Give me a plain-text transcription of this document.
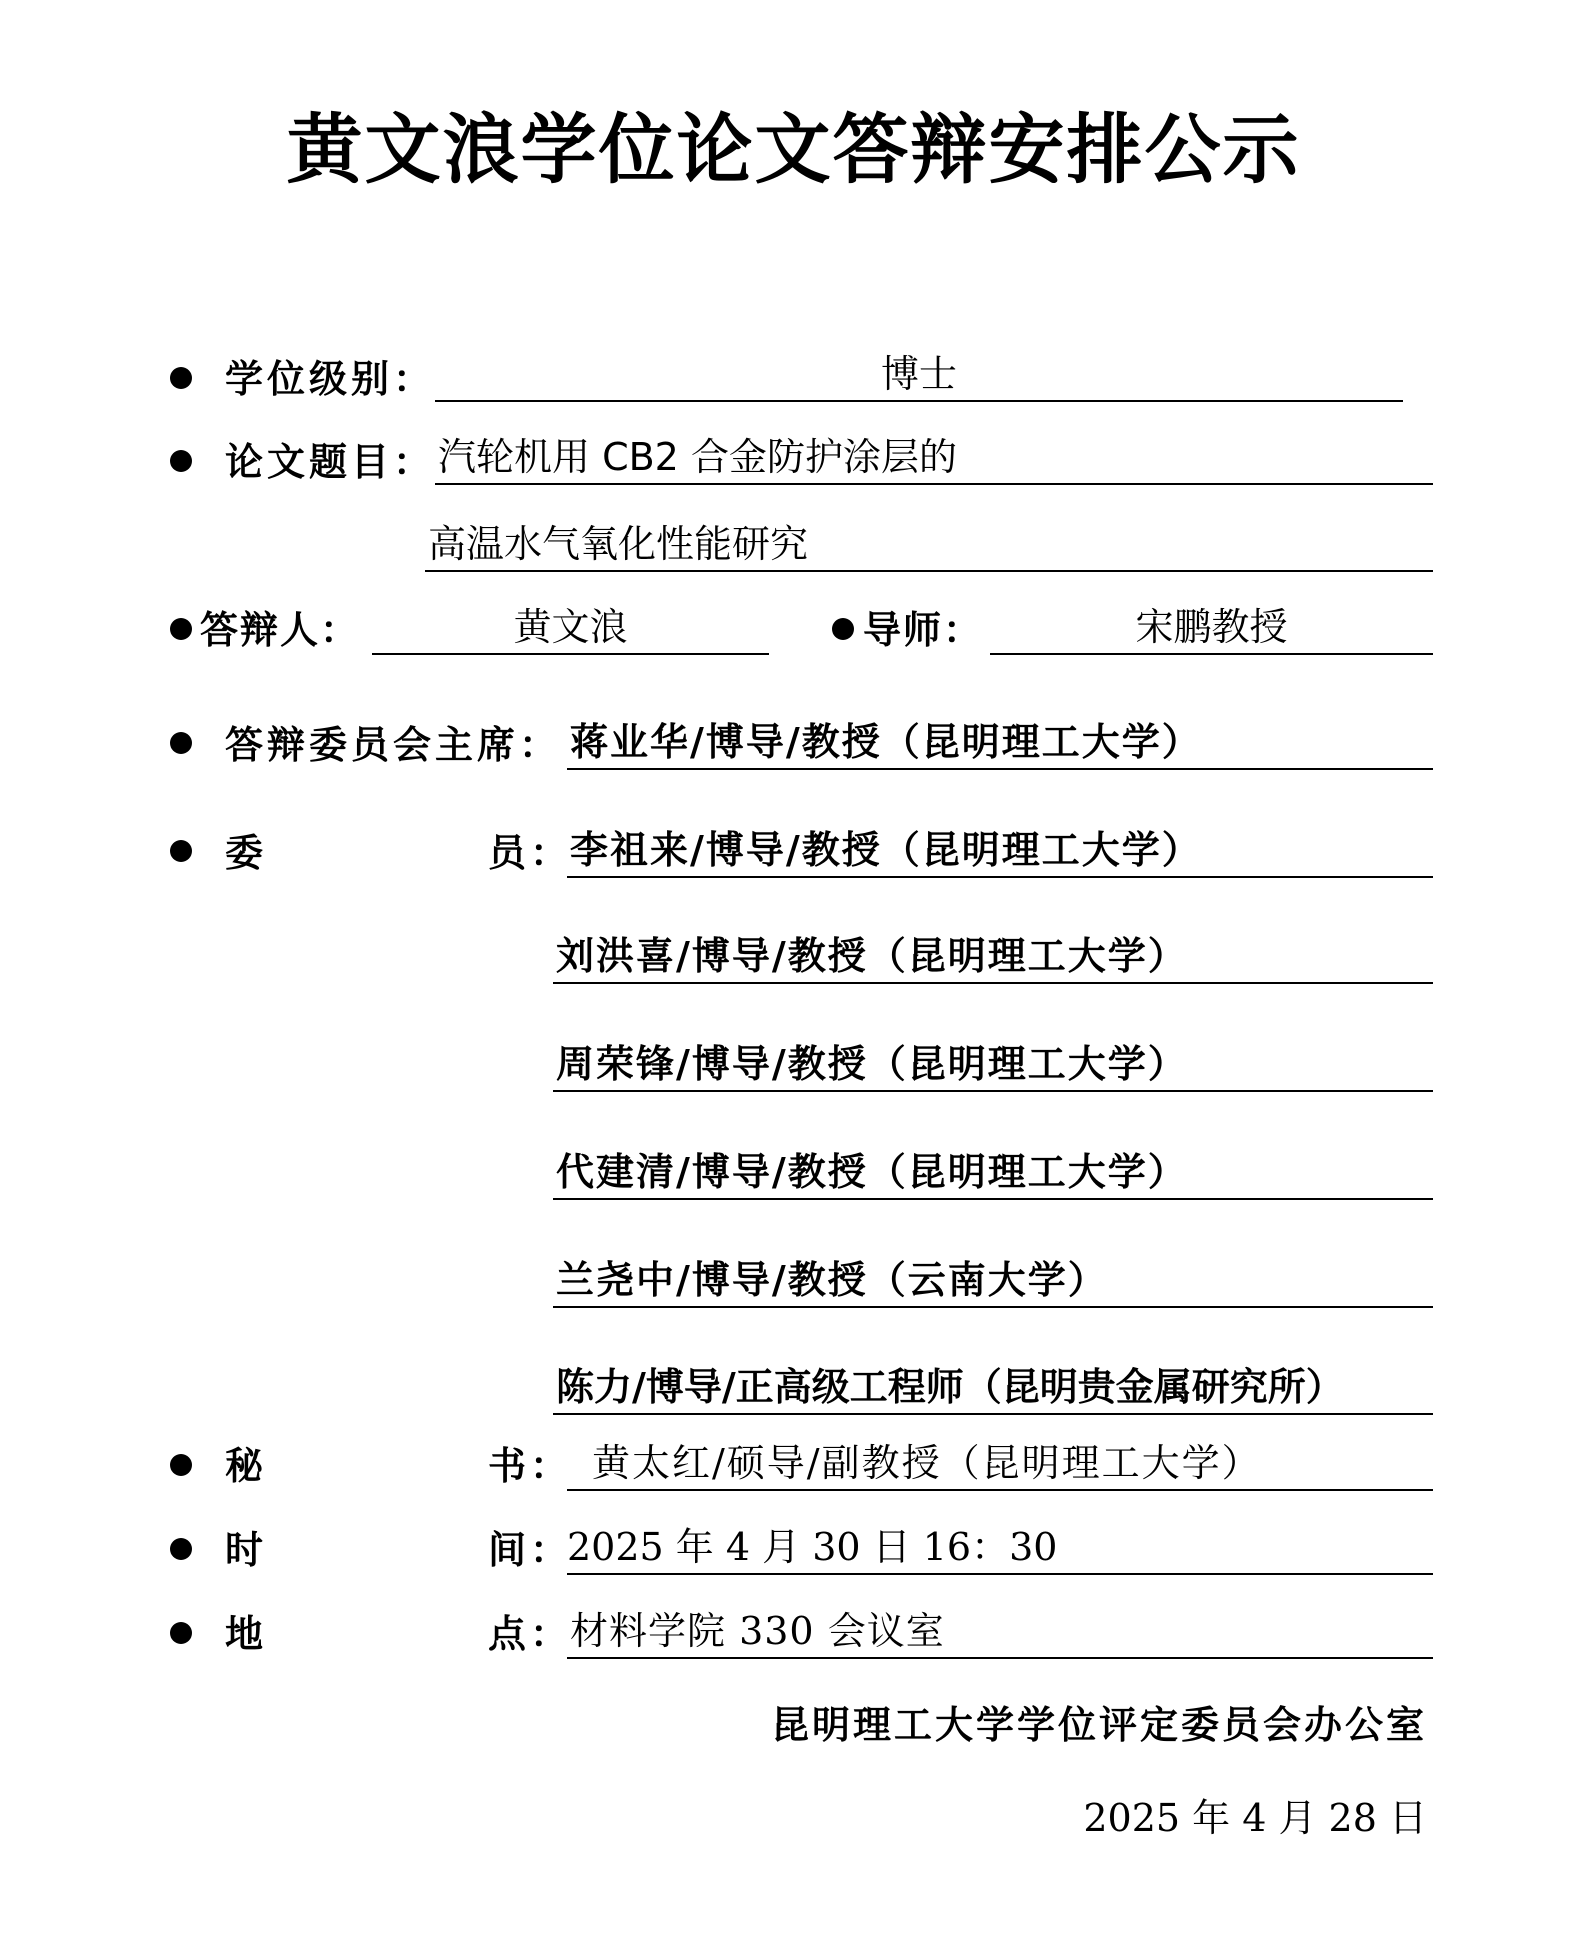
黄文浪学位论文答辩安排公示
学位级别：	博士
论文题目： 汽轮机用 CB2 合金防护涂层的
高温水气氧化性能研究
答辩人：	黄文浪	导师：	宋鹏教授
答辩委员会主席： 蒋业华/博导/教授（昆明理工大学）
委	员：
李祖来/博导/教授（昆明理工大学）
刘洪喜/博导/教授（昆明理工大学）
周荣锋/博导/教授（昆明理工大学）
代建清/博导/教授（昆明理工大学）
兰尧中/博导/教授（云南大学）
陈力/博导/正高级工程师（昆明贵金属研究所）
秘	书： 黄太红/硕导/副教授（昆明理工大学）
时	间：
2025 年 4 月 30 日 16：30
地	点：
材料学院 330 会议室
昆明理工大学学位评定委员会办公室
2025 年 4 月 28 日
